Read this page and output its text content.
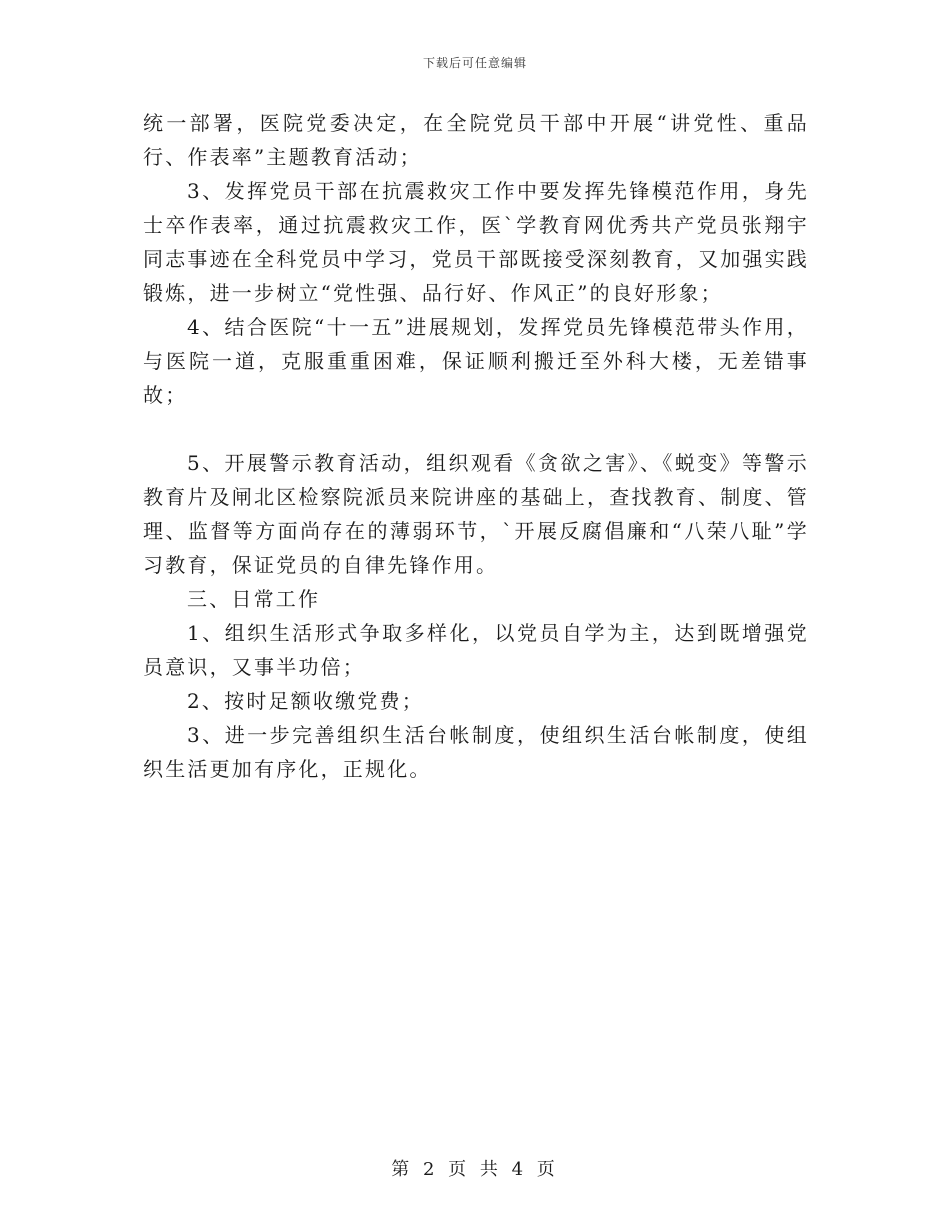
下载后可任意编辑

统一部署，医院党委决定，在全院党员干部中开展“讲党性、重品行、作表率”主题教育活动；

3、发挥党员干部在抗震救灾工作中要发挥先锋模范作用，身先士卒作表率，通过抗震救灾工作，医`学教育网优秀共产党员张翔宇同志事迹在全科党员中学习，党员干部既接受深刻教育，又加强实践锻炼，进一步树立“党性强、品行好、作风正”的良好形象；

4、结合医院“十一五”进展规划，发挥党员先锋模范带头作用，与医院一道，克服重重困难，保证顺利搬迁至外科大楼，无差错事故；

5、开展警示教育活动，组织观看《贪欲之害》、《蜕变》等警示教育片及闸北区检察院派员来院讲座的基础上，查找教育、制度、管理、监督等方面尚存在的薄弱环节，`开展反腐倡廉和“八荣八耻”学习教育，保证党员的自律先锋作用。

三、日常工作

1、组织生活形式争取多样化，以党员自学为主，达到既增强党员意识，又事半功倍；

2、按时足额收缴党费；

3、进一步完善组织生活台帐制度，使组织生活台帐制度，使组织生活更加有序化，正规化。

第 2 页 共 4 页
